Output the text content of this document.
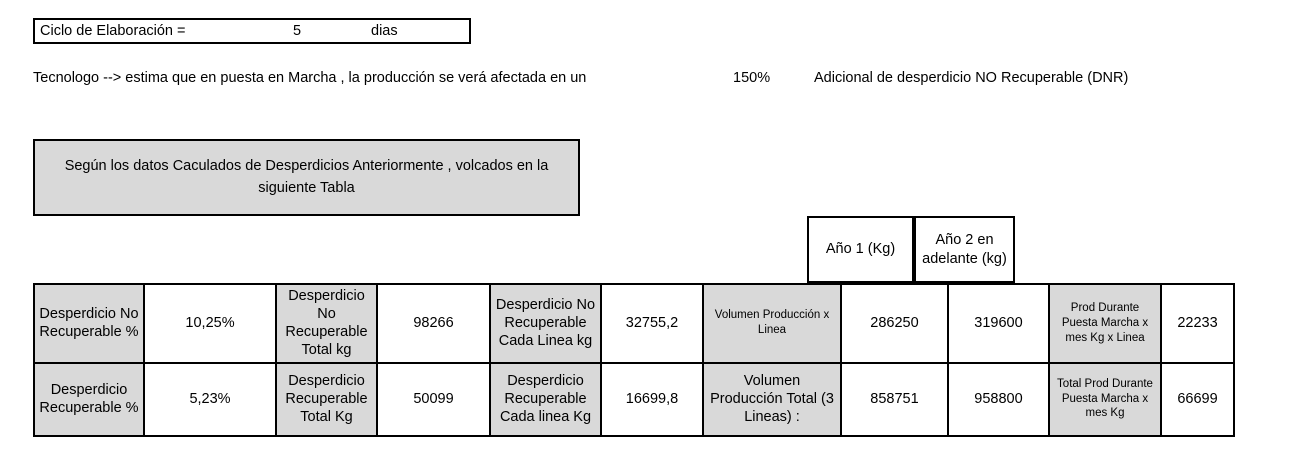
Ciclo de Elaboración =	5	dias
Tecnologo --> estima que en puesta en Marcha , la producción se verá afectada en un	150%	Adicional de desperdicio NO Recuperable (DNR)
Según los datos Caculados de Desperdicios Anteriormente , volcados en la siguiente Tabla
Año 1 (Kg)
Año 2 en adelante (kg)
Desperdicio No Recuperable %	10,25%	Desperdicio No Recuperable Total kg	98266	Desperdicio No Recuperable Cada Linea kg	32755,2	Volumen Producción x Linea	286250	319600	Prod Durante Puesta Marcha x mes Kg x Linea	22233
Desperdicio Recuperable %	5,23%	Desperdicio Recuperable Total Kg	50099	Desperdicio Recuperable Cada linea Kg	16699,8	Volumen Producción Total (3 Lineas) :	858751	958800	Total Prod Durante Puesta Marcha x mes Kg	66699
